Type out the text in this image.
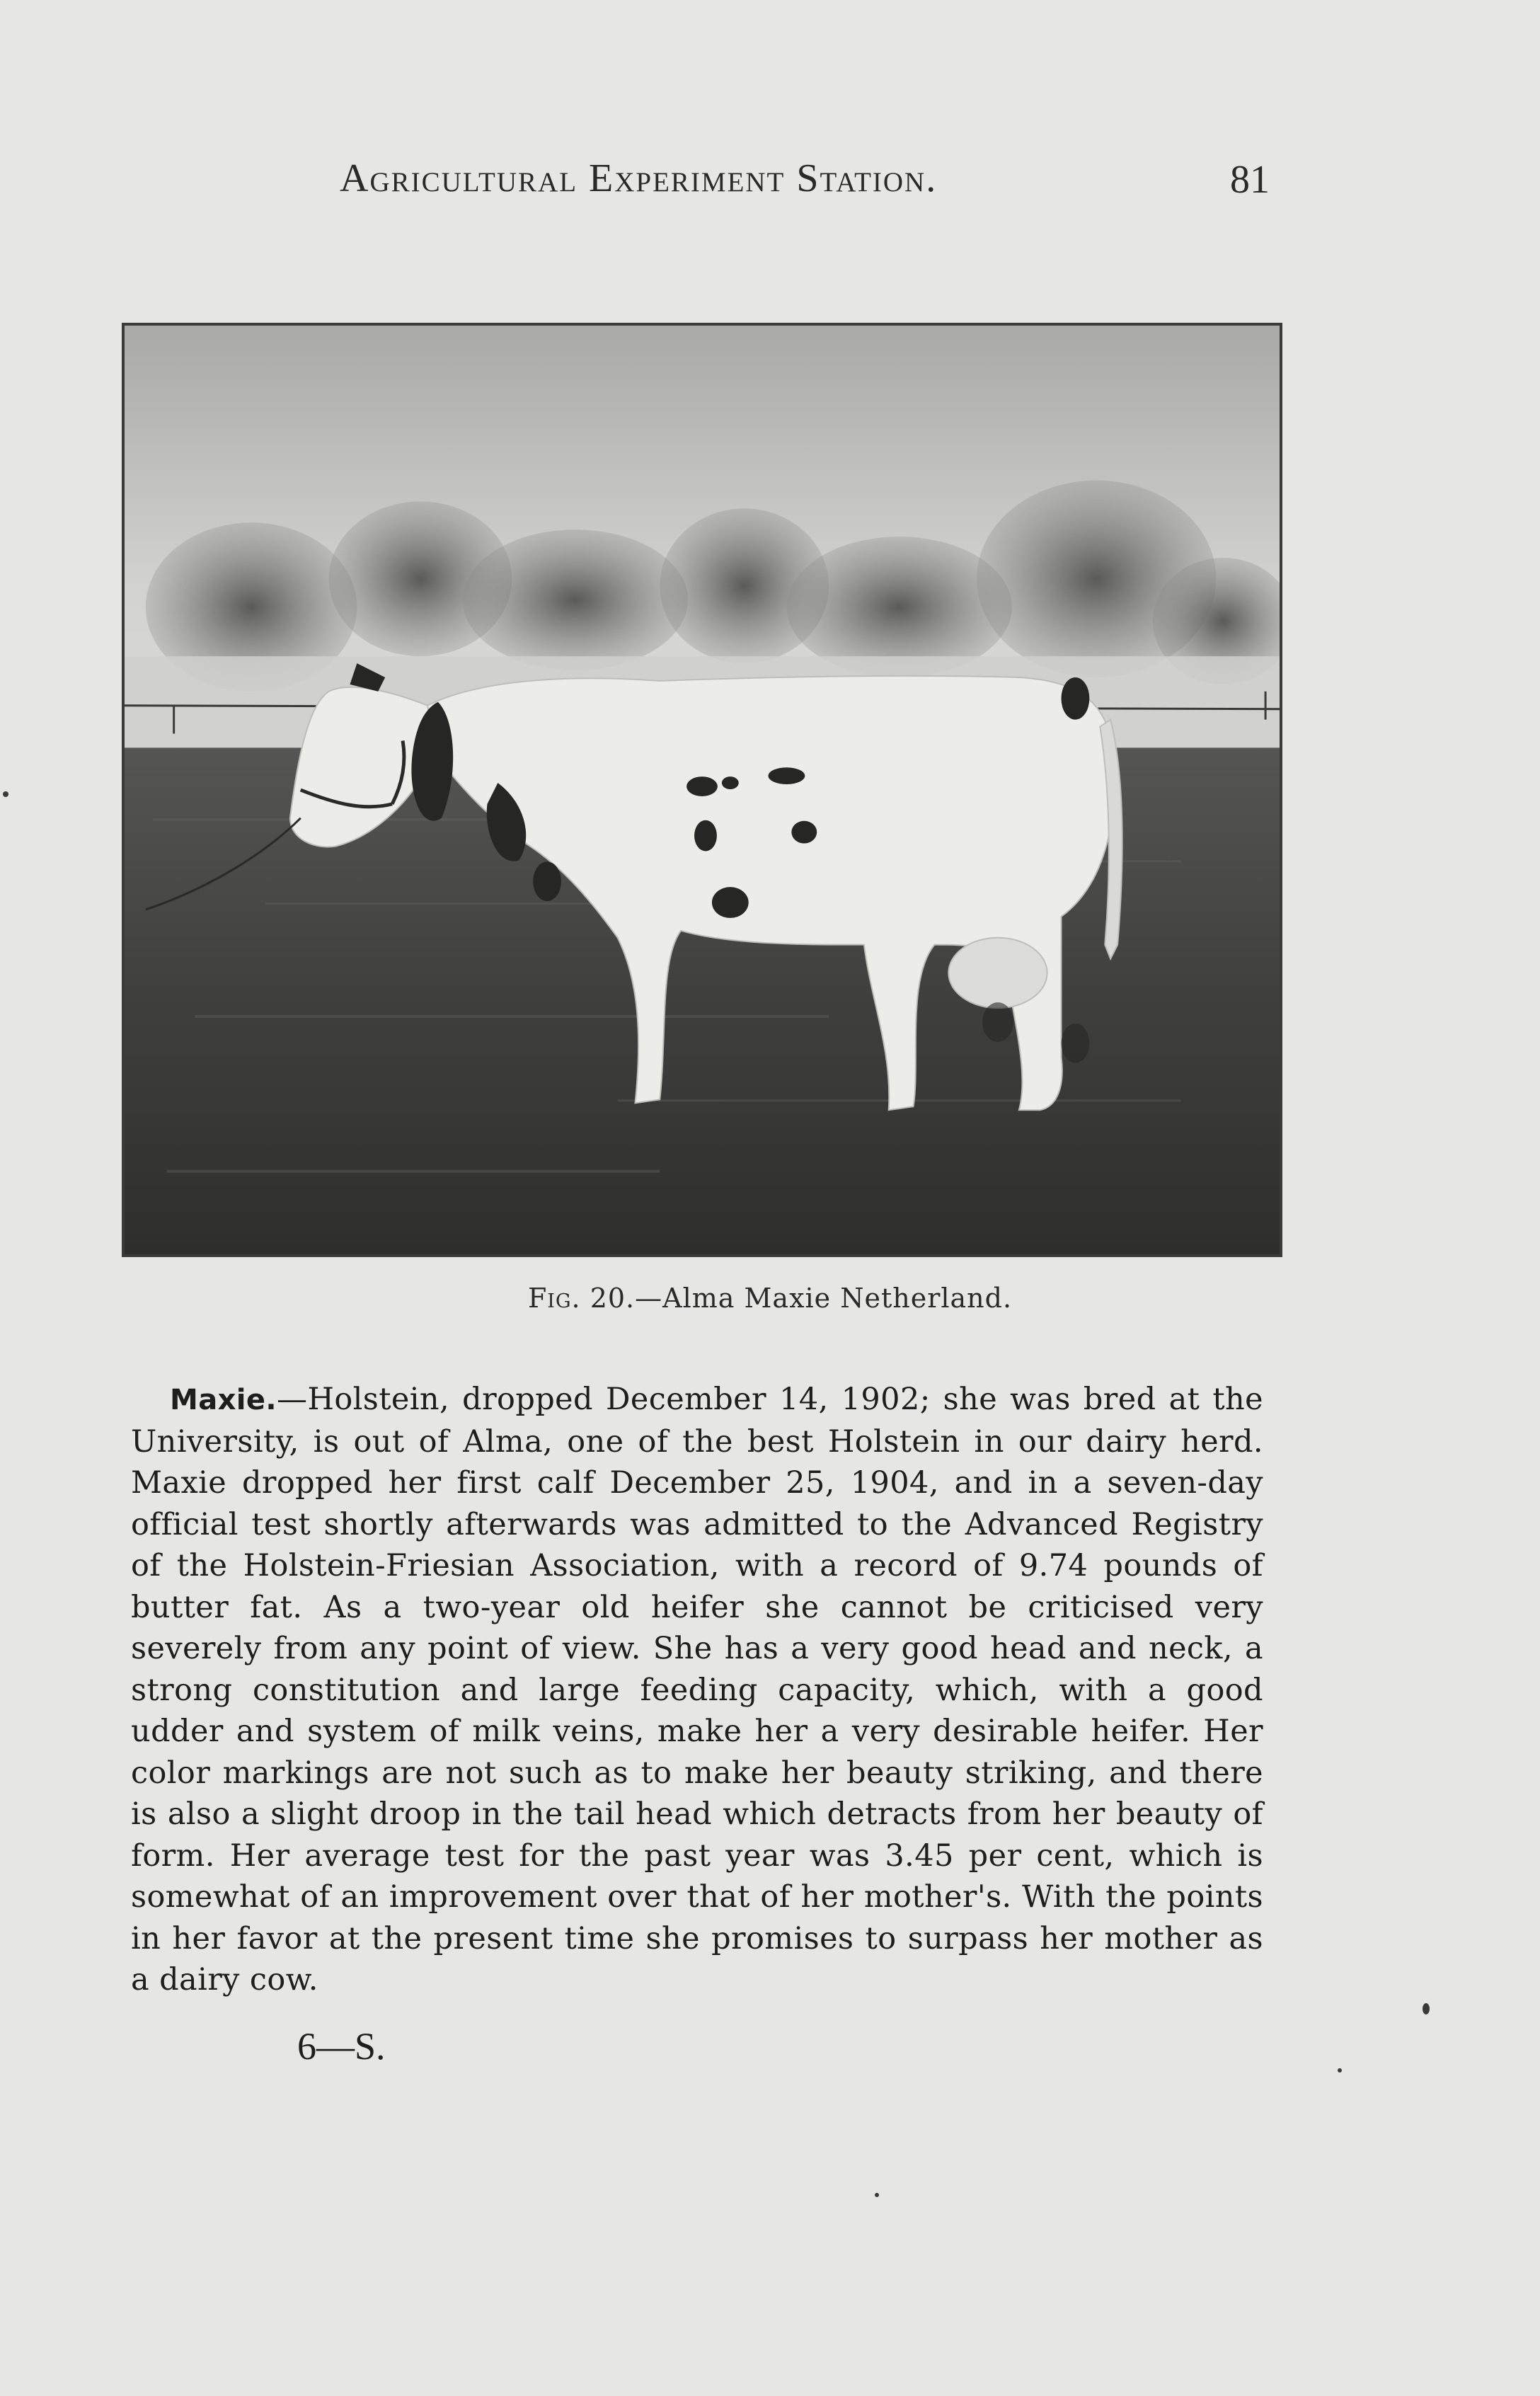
Agricultural Experiment Station.	81
Fig. 20.—Alma Maxie Netherland.
Maxie.—Holstein, dropped December 14, 1902; she was bred at the University, is out of Alma, one of the best Holstein in our dairy herd. Maxie dropped her first calf December 25, 1904, and in a seven-day official test shortly afterwards was admitted to the Advanced Registry of the Holstein-Friesian Association, with a record of 9.74 pounds of butter fat. As a two-year old heifer she cannot be criticised very severely from any point of view. She has a very good head and neck, a strong constitution and large feeding capacity, which, with a good udder and system of milk veins, make her a very desirable heifer. Her color markings are not such as to make her beauty striking, and there is also a slight droop in the tail head which detracts from her beauty of form. Her average test for the past year was 3.45 per cent, which is somewhat of an improvement over that of her mother's. With the points in her favor at the present time she promises to surpass her mother as a dairy cow.
6—S.
